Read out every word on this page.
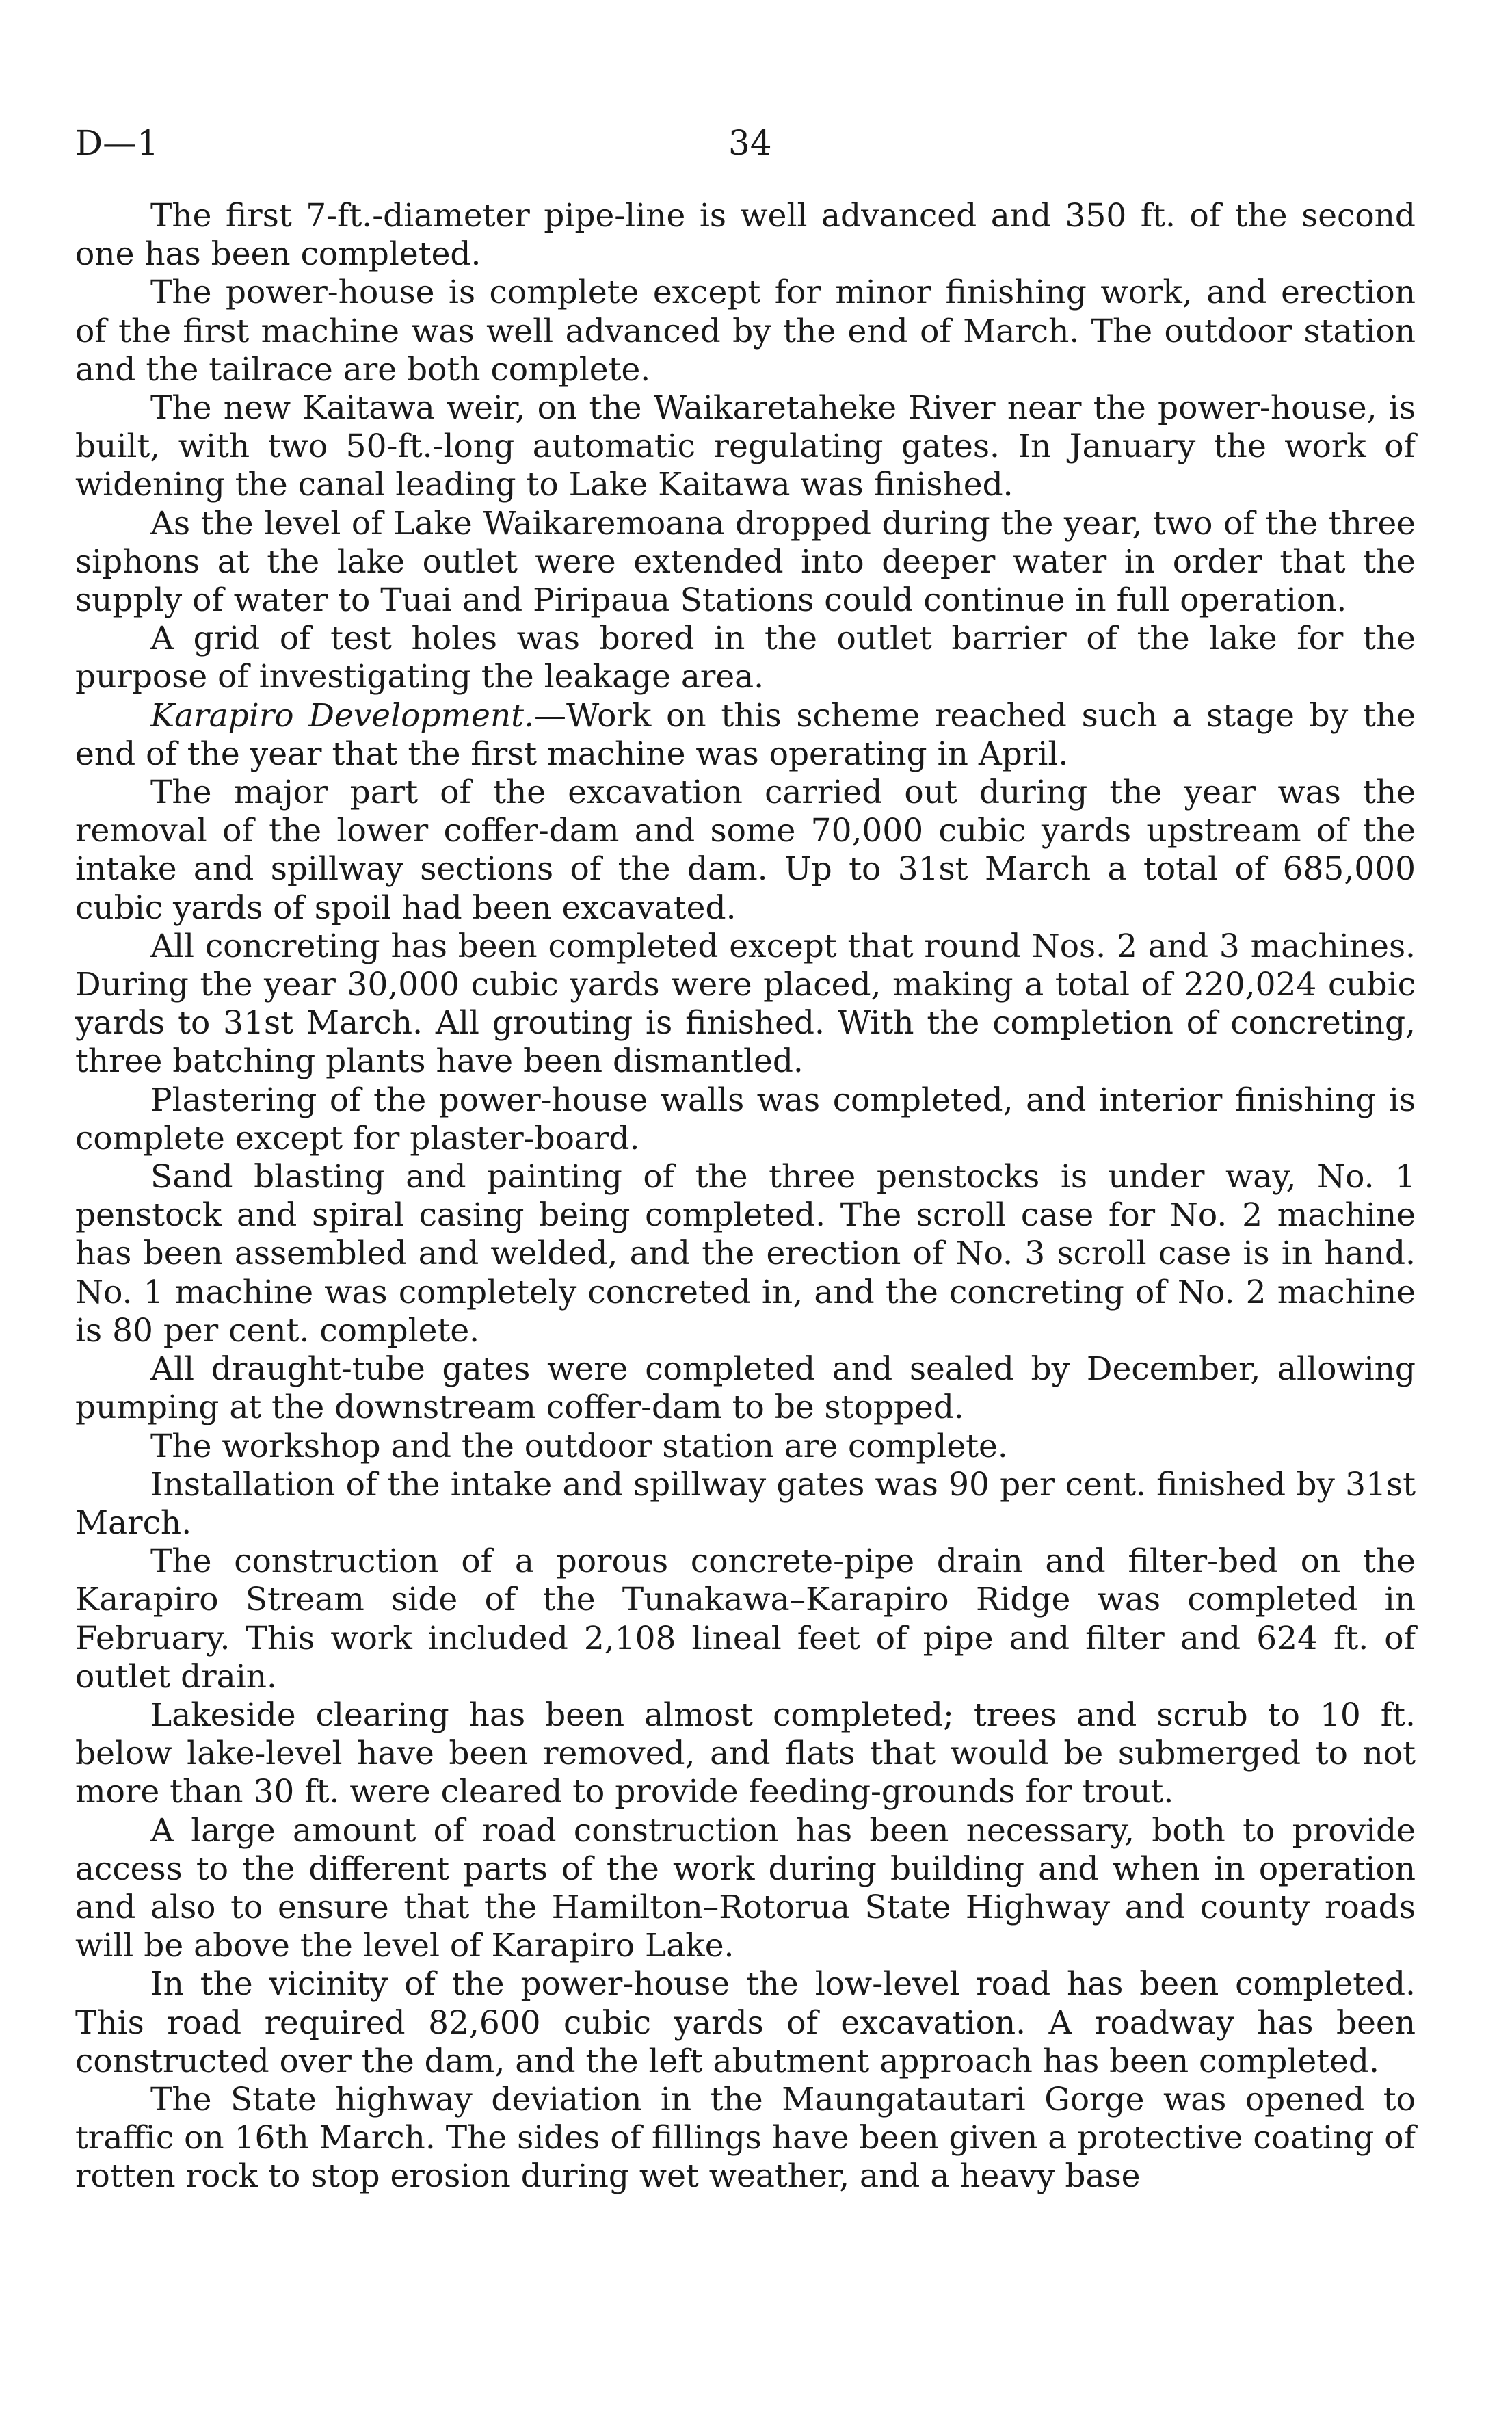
D—1	34

The first 7-ft.-diameter pipe-line is well advanced and 350 ft. of the second one has been completed.

The power-house is complete except for minor finishing work, and erection of the first machine was well advanced by the end of March. The outdoor station and the tailrace are both complete.

The new Kaitawa weir, on the Waikaretaheke River near the power-house, is built, with two 50-ft.-long automatic regulating gates. In January the work of widening the canal leading to Lake Kaitawa was finished.

As the level of Lake Waikaremoana dropped during the year, two of the three siphons at the lake outlet were extended into deeper water in order that the supply of water to Tuai and Piripaua Stations could continue in full operation.

A grid of test holes was bored in the outlet barrier of the lake for the purpose of investigating the leakage area.

Karapiro Development.—Work on this scheme reached such a stage by the end of the year that the first machine was operating in April.

The major part of the excavation carried out during the year was the removal of the lower coffer-dam and some 70,000 cubic yards upstream of the intake and spillway sections of the dam. Up to 31st March a total of 685,000 cubic yards of spoil had been excavated.

All concreting has been completed except that round Nos. 2 and 3 machines. During the year 30,000 cubic yards were placed, making a total of 220,024 cubic yards to 31st March. All grouting is finished. With the completion of concreting, three batching plants have been dismantled.

Plastering of the power-house walls was completed, and interior finishing is complete except for plaster-board.

Sand blasting and painting of the three penstocks is under way, No. 1 penstock and spiral casing being completed. The scroll case for No. 2 machine has been assembled and welded, and the erection of No. 3 scroll case is in hand. No. 1 machine was completely concreted in, and the concreting of No. 2 machine is 80 per cent. complete.

All draught-tube gates were completed and sealed by December, allowing pumping at the downstream coffer-dam to be stopped.

The workshop and the outdoor station are complete.

Installation of the intake and spillway gates was 90 per cent. finished by 31st March.

The construction of a porous concrete-pipe drain and filter-bed on the Karapiro Stream side of the Tunakawa–Karapiro Ridge was completed in February. This work included 2,108 lineal feet of pipe and filter and 624 ft. of outlet drain.

Lakeside clearing has been almost completed; trees and scrub to 10 ft. below lake-level have been removed, and flats that would be submerged to not more than 30 ft. were cleared to provide feeding-grounds for trout.

A large amount of road construction has been necessary, both to provide access to the different parts of the work during building and when in operation and also to ensure that the Hamilton–Rotorua State Highway and county roads will be above the level of Karapiro Lake.

In the vicinity of the power-house the low-level road has been completed. This road required 82,600 cubic yards of excavation. A roadway has been constructed over the dam, and the left abutment approach has been completed.

The State highway deviation in the Maungatautari Gorge was opened to traffic on 16th March. The sides of fillings have been given a protective coating of rotten rock to stop erosion during wet weather, and a heavy base
